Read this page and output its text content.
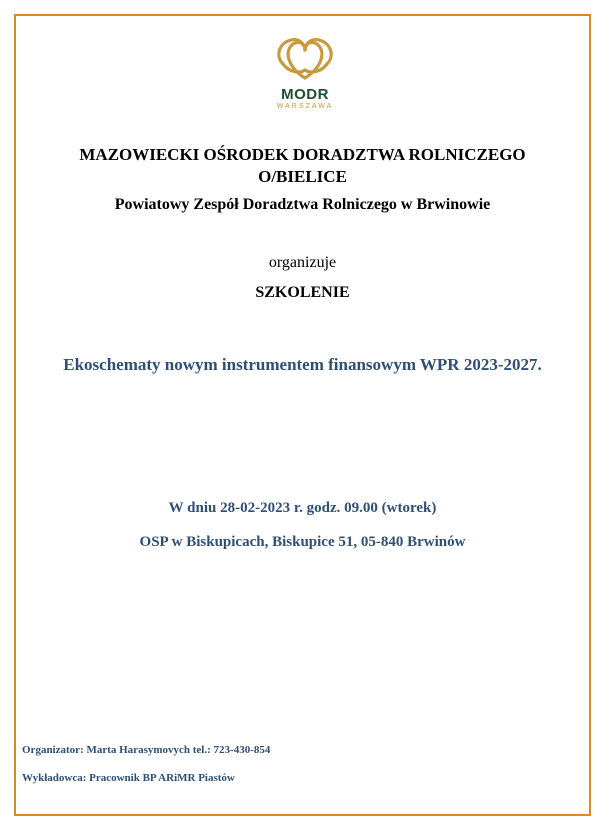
MODR
WARSZAWA
MAZOWIECKI OŚRODEK DORADZTWA ROLNICZEGO
O/BIELICE
Powiatowy Zespół Doradztwa Rolniczego w Brwinowie
organizuje
SZKOLENIE
Ekoschematy nowym instrumentem finansowym WPR 2023-2027.
W dniu 28-02-2023 r. godz. 09.00 (wtorek)
OSP w Biskupicach, Biskupice 51, 05-840 Brwinów
Organizator: Marta Harasymovych tel.: 723-430-854
Wykładowca: Pracownik BP ARiMR Piastów
